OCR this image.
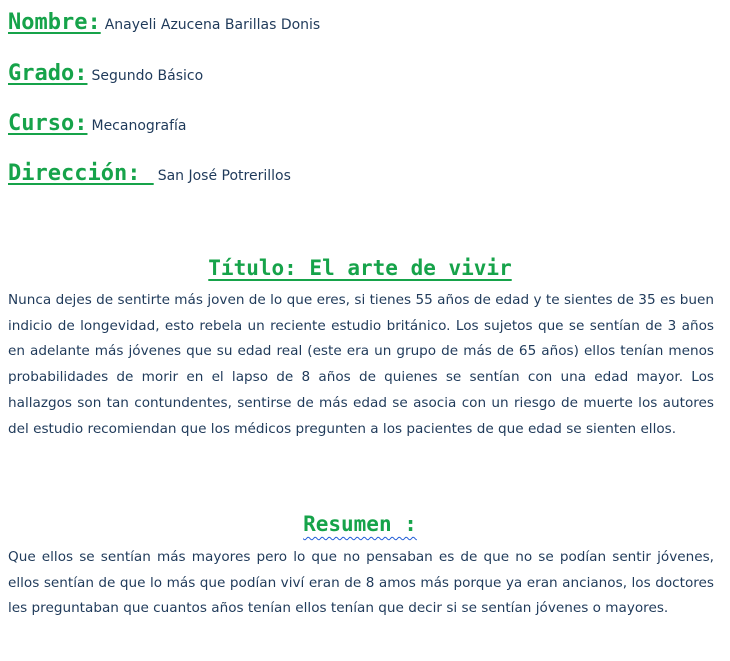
Nombre: Anayeli Azucena Barillas Donis
Grado: Segundo Básico
Curso: Mecanografía
Dirección: San José Potrerillos
Título: El arte de vivir

Nunca dejes de sentirte más joven de lo que eres, si tienes 55 años de edad y te sientes de 35 es buen indicio de longevidad, esto rebela un reciente estudio británico. Los sujetos que se sentían de 3 años en adelante más jóvenes que su edad real (este era un grupo de más de 65 años) ellos tenían menos probabilidades de morir en el lapso de 8 años de quienes se sentían con una edad mayor. Los hallazgos son tan contundentes, sentirse de más edad se asocia con un riesgo de muerte los autores del estudio recomiendan que los médicos pregunten a los pacientes de que edad se sienten ellos.

Resumen :

Que ellos se sentían más mayores pero lo que no pensaban es de que no se podían sentir jóvenes, ellos sentían de que lo más que podían viví eran de 8 amos más porque ya eran ancianos, los doctores les preguntaban que cuantos años tenían ellos tenían que decir si se sentían jóvenes o mayores.
